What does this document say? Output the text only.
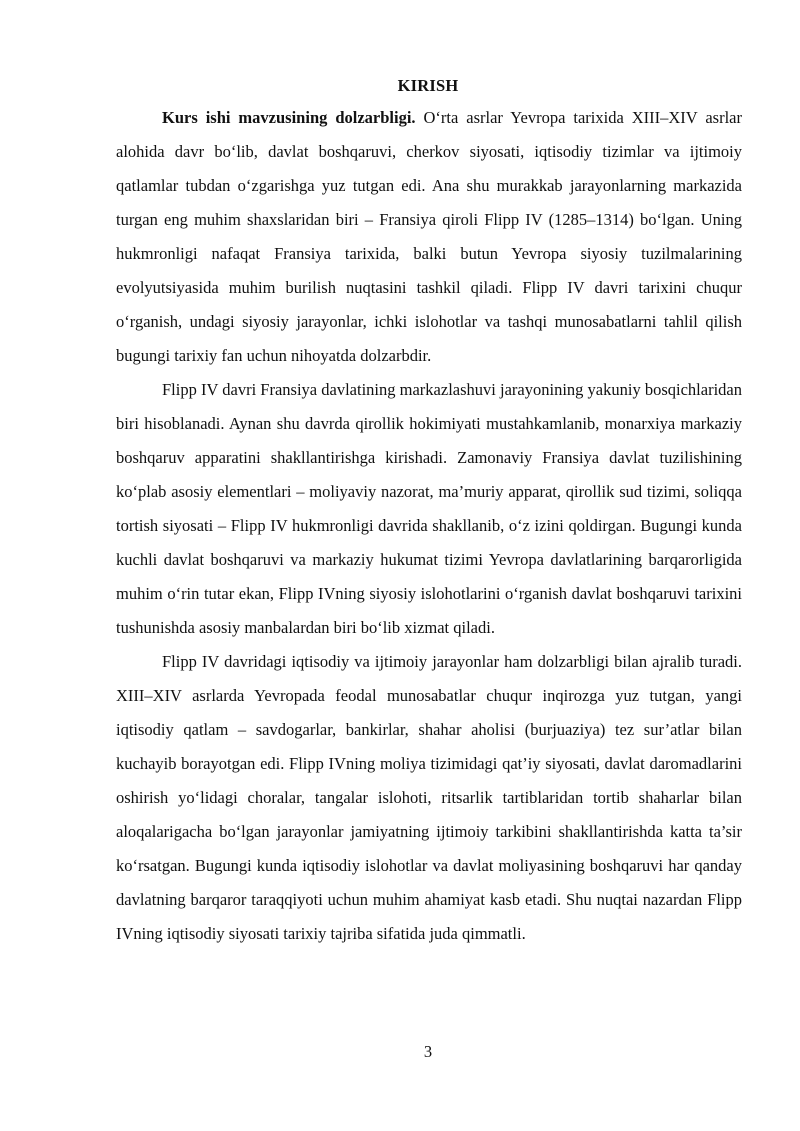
KIRISH

Kurs ishi mavzusining dolzarbligi. O‘rta asrlar Yevropa tarixida XIII–XIV asrlar alohida davr bo‘lib, davlat boshqaruvi, cherkov siyosati, iqtisodiy tizimlar va ijtimoiy qatlamlar tubdan o‘zgarishga yuz tutgan edi. Ana shu murakkab jarayonlarning markazida turgan eng muhim shaxslaridan biri – Fransiya qiroli Flipp IV (1285–1314) bo‘lgan. Uning hukmronligi nafaqat Fransiya tarixida, balki butun Yevropa siyosiy tuzilmalarining evolyutsiyasida muhim burilish nuqtasini tashkil qiladi. Flipp IV davri tarixini chuqur o‘rganish, undagi siyosiy jarayonlar, ichki islohotlar va tashqi munosabatlarni tahlil qilish bugungi tarixiy fan uchun nihoyatda dolzarbdir.

Flipp IV davri Fransiya davlatining markazlashuvi jarayonining yakuniy bosqichlaridan biri hisoblanadi. Aynan shu davrda qirollik hokimiyati mustahkamlanib, monarxiya markaziy boshqaruv apparatini shakllantirishga kirishadi. Zamonaviy Fransiya davlat tuzilishining ko‘plab asosiy elementlari – moliyaviy nazorat, ma’muriy apparat, qirollik sud tizimi, soliqqa tortish siyosati – Flipp IV hukmronligi davrida shakllanib, o‘z izini qoldirgan. Bugungi kunda kuchli davlat boshqaruvi va markaziy hukumat tizimi Yevropa davlatlarining barqarorligida muhim o‘rin tutar ekan, Flipp IVning siyosiy islohotlarini o‘rganish davlat boshqaruvi tarixini tushunishda asosiy manbalardan biri bo‘lib xizmat qiladi.

Flipp IV davridagi iqtisodiy va ijtimoiy jarayonlar ham dolzarbligi bilan ajralib turadi. XIII–XIV asrlarda Yevropada feodal munosabatlar chuqur inqirozga yuz tutgan, yangi iqtisodiy qatlam – savdogarlar, bankirlar, shahar aholisi (burjuaziya) tez sur’atlar bilan kuchayib borayotgan edi. Flipp IVning moliya tizimidagi qat’iy siyosati, davlat daromadlarini oshirish yo‘lidagi choralar, tangalar islohoti, ritsarlik tartiblaridan tortib shaharlar bilan aloqalarigacha bo‘lgan jarayonlar jamiyatning ijtimoiy tarkibini shakllantirishda katta ta’sir ko‘rsatgan. Bugungi kunda iqtisodiy islohotlar va davlat moliyasining boshqaruvi har qanday davlatning barqaror taraqqiyoti uchun muhim ahamiyat kasb etadi. Shu nuqtai nazardan Flipp IVning iqtisodiy siyosati tarixiy tajriba sifatida juda qimmatli.

3
